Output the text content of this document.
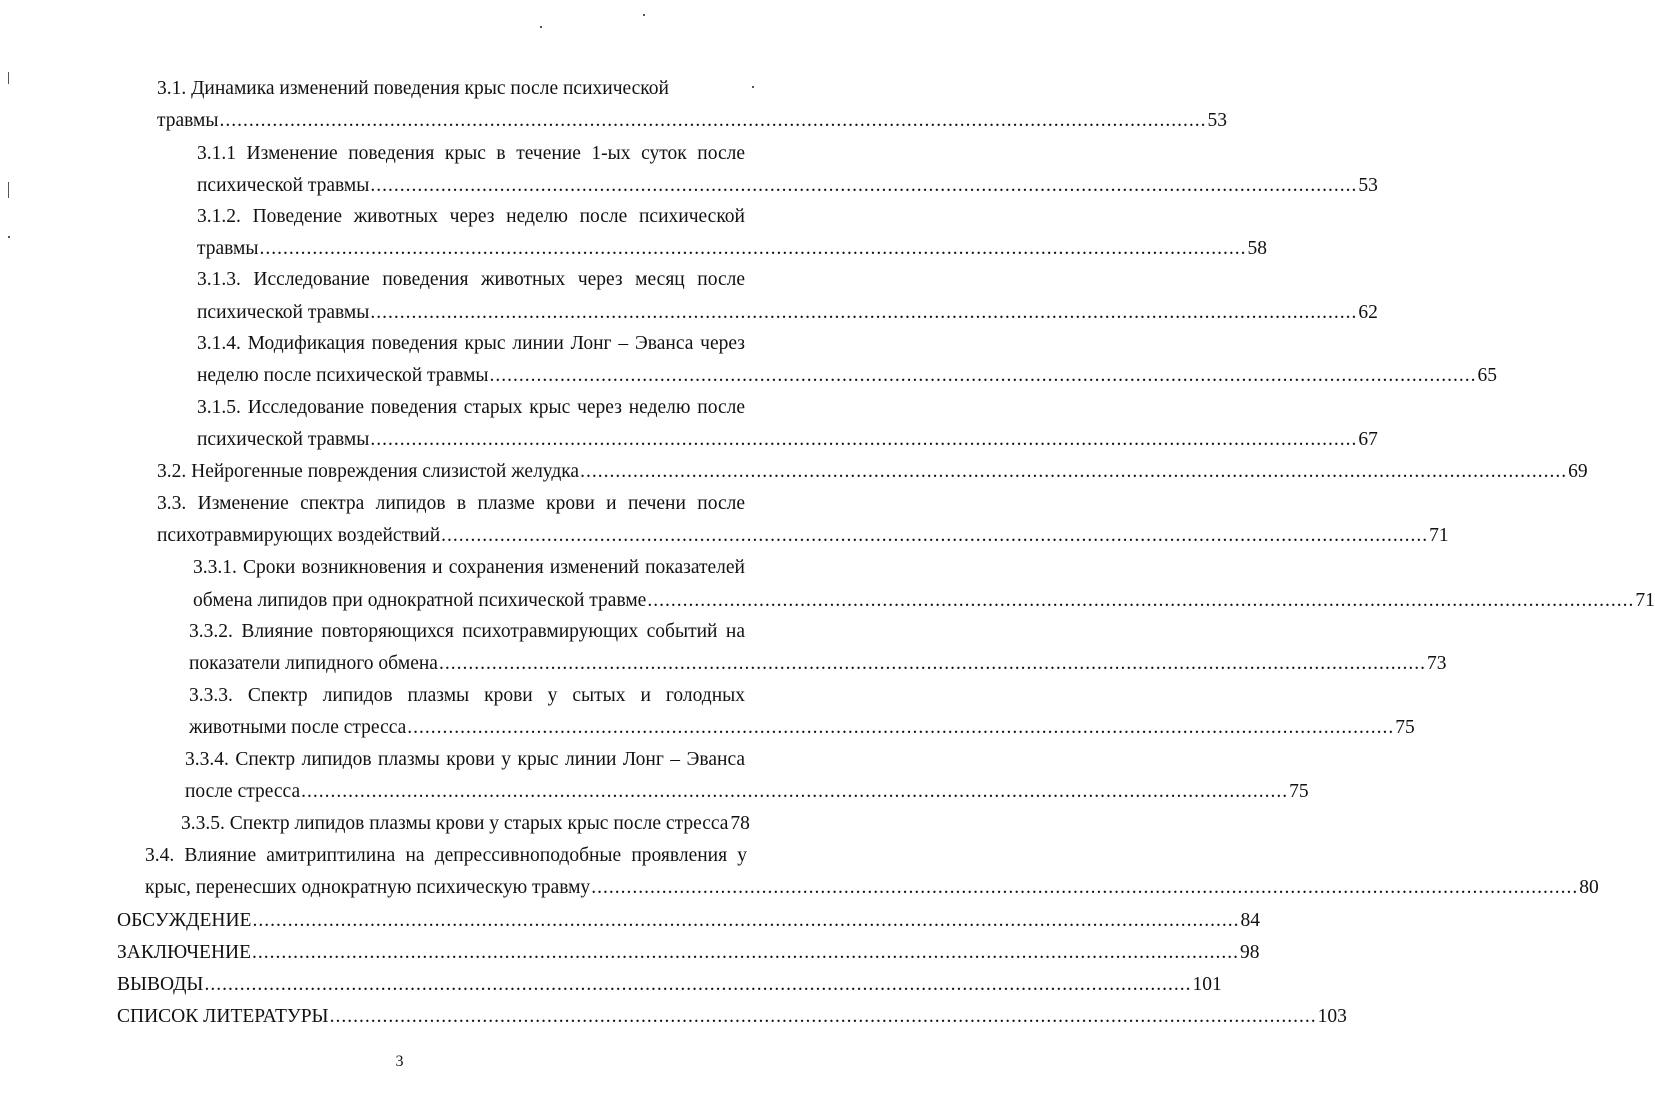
3.1. Динамика изменений поведения крыс после психической
травмы ........................................................................................................................................................................ 53
3.1.1 Изменение поведения крыс в течение 1-ых суток после
психической травмы ........................................................................................................................................................................ 53
3.1.2. Поведение животных через неделю после психической
травмы ........................................................................................................................................................................ 58
3.1.3. Исследование поведения животных через месяц после
психической травмы ........................................................................................................................................................................ 62
3.1.4. Модификация поведения крыс линии Лонг – Эванса через
неделю после психической травмы ........................................................................................................................................................................ 65
3.1.5. Исследование поведения старых крыс через неделю после
психической травмы ........................................................................................................................................................................ 67
3.2. Нейрогенные повреждения слизистой желудка ........................................................................................................................................................................ 69
3.3. Изменение спектра липидов в плазме крови и печени после
психотравмирующих воздействий ........................................................................................................................................................................ 71
3.3.1. Сроки возникновения и сохранения изменений показателей
обмена липидов при однократной психической травме ........................................................................................................................................................................ 71
3.3.2. Влияние повторяющихся психотравмирующих событий на
показатели липидного обмена ........................................................................................................................................................................ 73
3.3.3. Спектр липидов плазмы крови у сытых и голодных
животными после стресса ........................................................................................................................................................................ 75
3.3.4. Спектр липидов плазмы крови у крыс линии Лонг – Эванса
после стресса ........................................................................................................................................................................ 75
3.3.5. Спектр липидов плазмы крови у старых крыс после стресса 78
3.4. Влияние амитриптилина на депрессивноподобные проявления у
крыс, перенесших однократную психическую травму ........................................................................................................................................................................ 80
ОБСУЖДЕНИЕ ........................................................................................................................................................................ 84
ЗАКЛЮЧЕНИЕ ........................................................................................................................................................................ 98
ВЫВОДЫ ........................................................................................................................................................................ 101
СПИСОК ЛИТЕРАТУРЫ ........................................................................................................................................................................ 103
3
